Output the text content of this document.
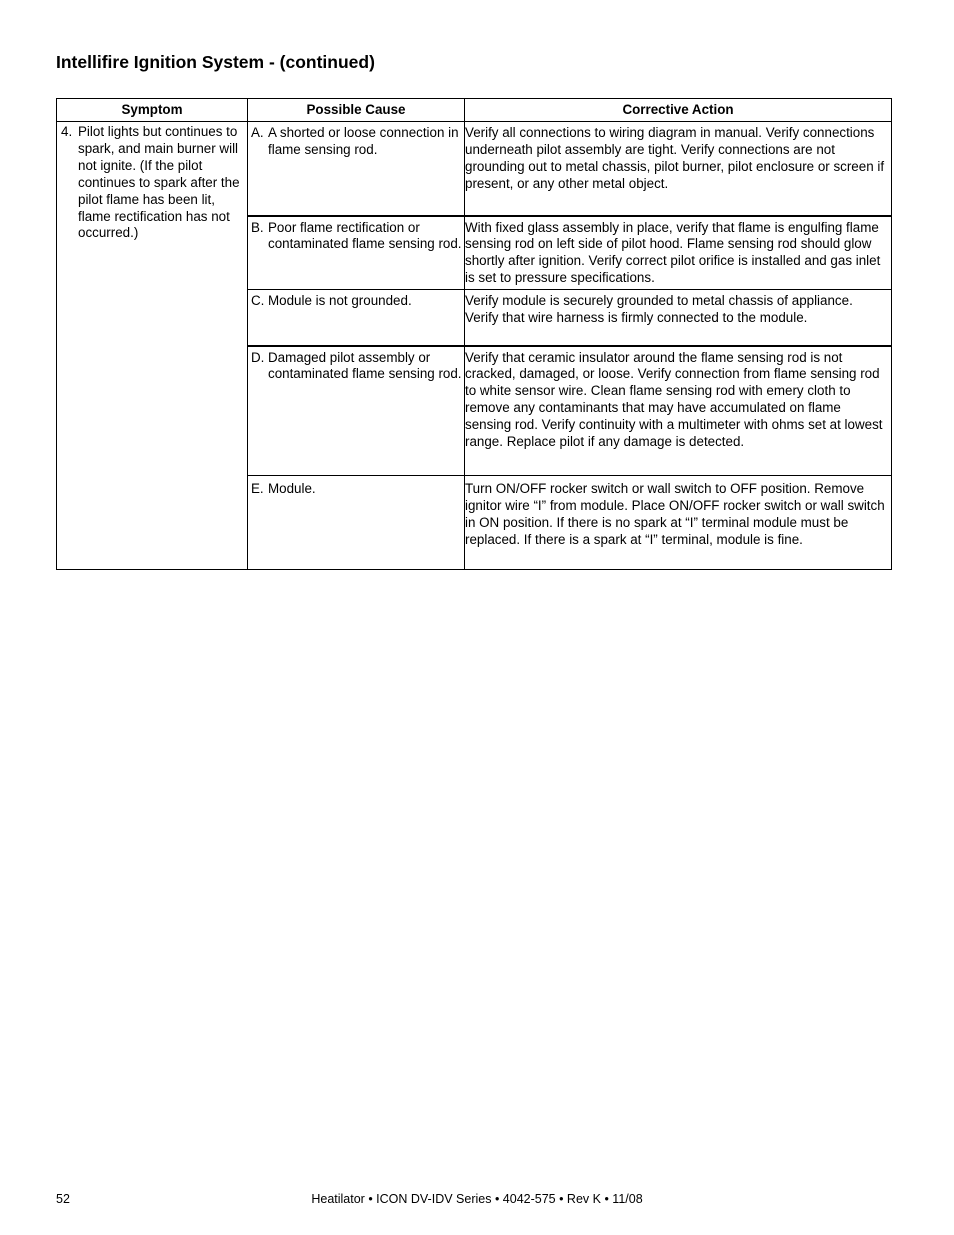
Intellifire Ignition System - (continued)
Symptom	Possible Cause	Corrective Action

4. Pilot lights but continues to spark, and main burner will not ignite. (If the pilot continues to spark after the pilot flame has been lit, flame rectification has not occurred.)	A. A shorted or loose connection in flame sensing rod.	Verify all connections to wiring diagram in manual. Verify connections underneath pilot assembly are tight. Verify connections are not grounding out to metal chassis, pilot burner, pilot enclosure or screen if present, or any other metal object.

	B. Poor flame rectification or contaminated flame sensing rod.	With fixed glass assembly in place, verify that flame is engulfing flame sensing rod on left side of pilot hood. Flame sensing rod should glow shortly after ignition. Verify correct pilot orifice is installed and gas inlet is set to pressure specifications.

	C. Module is not grounded.	Verify module is securely grounded to metal chassis of appliance. Verify that wire harness is firmly connected to the module.

	D. Damaged pilot assembly or contaminated flame sensing rod.	Verify that ceramic insulator around the flame sensing rod is not cracked, damaged, or loose. Verify connection from flame sensing rod to white sensor wire. Clean flame sensing rod with emery cloth to remove any contaminants that may have accumulated on flame sensing rod. Verify continuity with a multimeter with ohms set at lowest range. Replace pilot if any damage is detected.

	E. Module.	Turn ON/OFF rocker switch or wall switch to OFF position. Remove ignitor wire “I” from module. Place ON/OFF rocker switch or wall switch in ON position. If there is no spark at “I” terminal module must be replaced. If there is a spark at “I” terminal, module is fine.
52	Heatilator • ICON DV-IDV Series • 4042-575 • Rev K • 11/08
